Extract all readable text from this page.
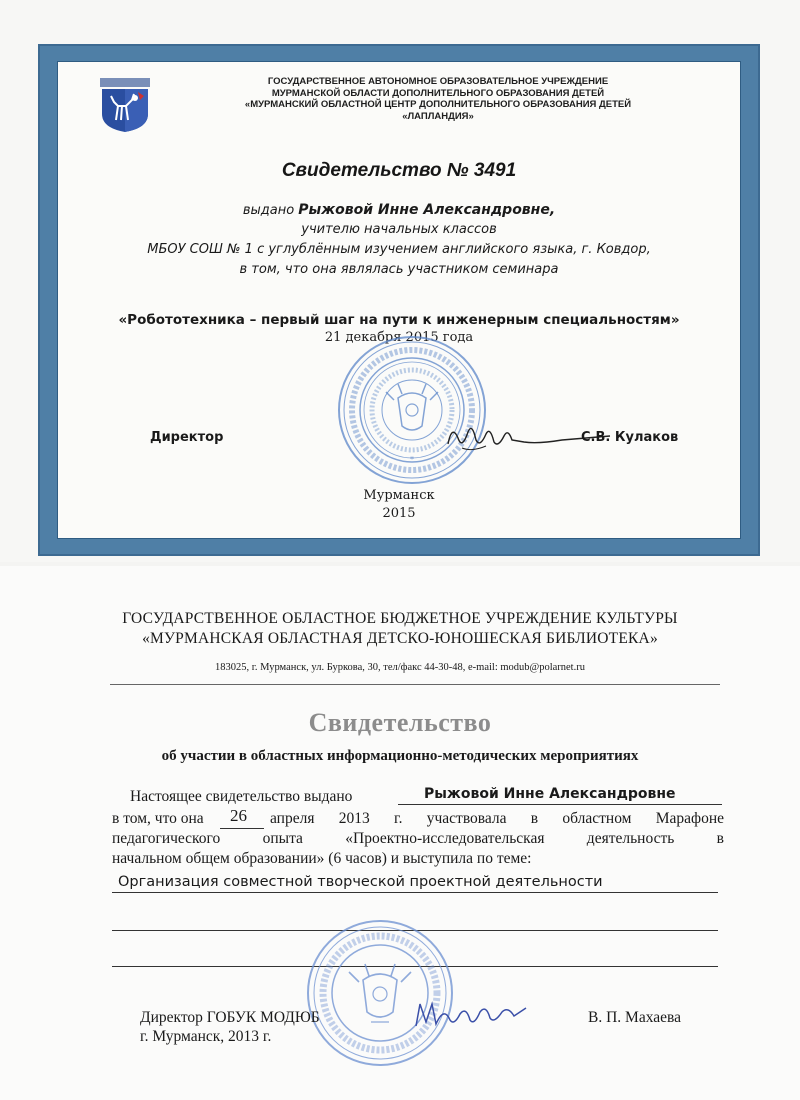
ГОСУДАРСТВЕННОЕ АВТОНОМНОЕ ОБРАЗОВАТЕЛЬНОЕ УЧРЕЖДЕНИЕ
МУРМАНСКОЙ ОБЛАСТИ ДОПОЛНИТЕЛЬНОГО ОБРАЗОВАНИЯ ДЕТЕЙ
«МУРМАНСКИЙ ОБЛАСТНОЙ ЦЕНТР ДОПОЛНИТЕЛЬНОГО ОБРАЗОВАНИЯ ДЕТЕЙ
«ЛАПЛАНДИЯ»
Свидетельство № 3491
выдано Рыжовой Инне Александровне,
учителю начальных классов
МБОУ СОШ № 1 с углублённым изучением английского языка, г. Ковдор,
в том, что она являлась участником семинара
«Робототехника – первый шаг на пути к инженерным специальностям»
21 декабря 2015 года
*
Директор	С.В. Кулаков
Мурманск
2015
ГОСУДАРСТВЕННОЕ ОБЛАСТНОЕ БЮДЖЕТНОЕ УЧРЕЖДЕНИЕ КУЛЬТУРЫ
«МУРМАНСКАЯ ОБЛАСТНАЯ ДЕТСКО-ЮНОШЕСКАЯ БИБЛИОТЕКА»
183025, г. Мурманск, ул. Буркова, 30, тел/факс 44-30-48, e-mail: modub@polarnet.ru
Свидетельство
об участии в областных информационно-методических мероприятиях
Настоящее свидетельство выдано	Рыжовой Инне Александровне
в том, что она	26 апреля 2013 г. участвовала в областном Марафоне
педагогического опыта «Проектно-исследовательская деятельность в
начальном общем образовании» (6 часов) и выступила по теме:
Организация совместной творческой проектной деятельности
Директор ГОБУК МОДЮБ	В. П. Махаева
г. Мурманск, 2013 г.
